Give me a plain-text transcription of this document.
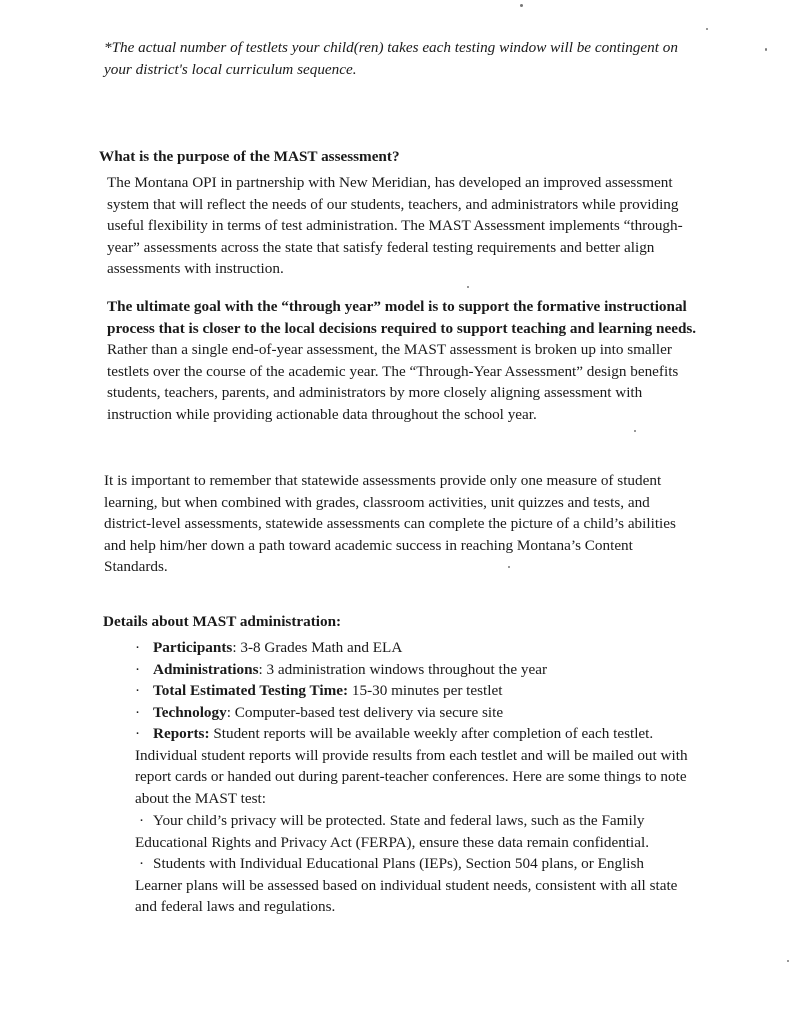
*The actual number of testlets your child(ren) takes each testing window will be contingent on your district's local curriculum sequence.
What is the purpose of the MAST assessment?
The Montana OPI in partnership with New Meridian, has developed an improved assessment system that will reflect the needs of our students, teachers, and administrators while providing useful flexibility in terms of test administration. The MAST Assessment implements “through-year” assessments across the state that satisfy federal testing requirements and better align assessments with instruction.
The ultimate goal with the “through year” model is to support the formative instructional process that is closer to the local decisions required to support teaching and learning needs. Rather than a single end-of-year assessment, the MAST assessment is broken up into smaller testlets over the course of the academic year. The “Through-Year Assessment” design benefits students, teachers, parents, and administrators by more closely aligning assessment with instruction while providing actionable data throughout the school year.
It is important to remember that statewide assessments provide only one measure of student learning, but when combined with grades, classroom activities, unit quizzes and tests, and district-level assessments, statewide assessments can complete the picture of a child’s abilities and help him/her down a path toward academic success in reaching Montana’s Content Standards.
Details about MAST administration:
· Participants: 3-8 Grades Math and ELA
· Administrations: 3 administration windows throughout the year
· Total Estimated Testing Time: 15-30 minutes per testlet
· Technology: Computer-based test delivery via secure site
· Reports: Student reports will be available weekly after completion of each testlet. Individual student reports will provide results from each testlet and will be mailed out with report cards or handed out during parent-teacher conferences. Here are some things to note about the MAST test:
· Your child’s privacy will be protected. State and federal laws, such as the Family Educational Rights and Privacy Act (FERPA), ensure these data remain confidential.
· Students with Individual Educational Plans (IEPs), Section 504 plans, or English Learner plans will be assessed based on individual student needs, consistent with all state and federal laws and regulations.
